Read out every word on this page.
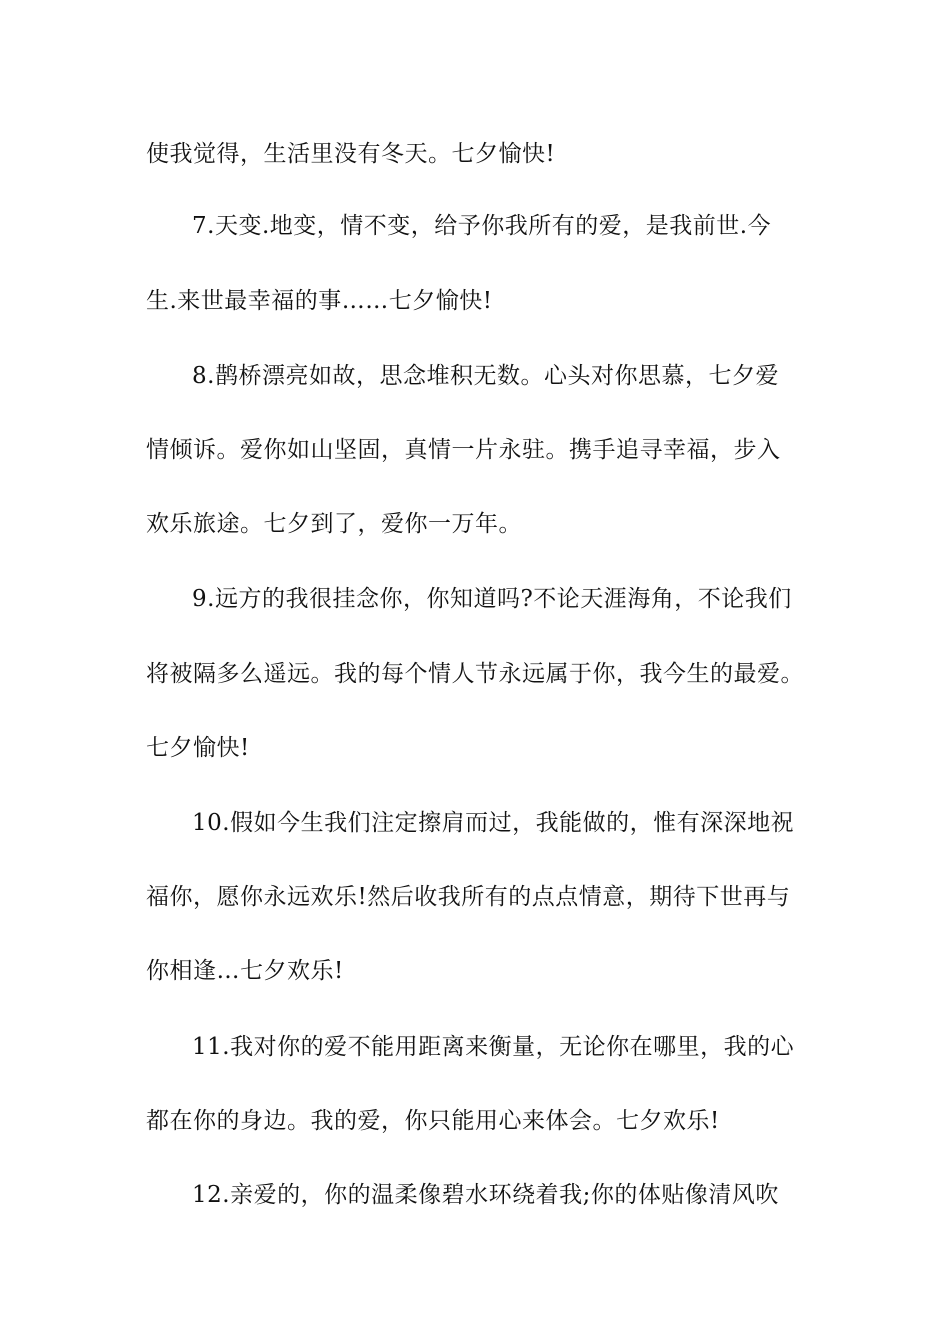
使我觉得，生活里没有冬天。七夕愉快!
7.天变.地变，情不变，给予你我所有的爱，是我前世.今
生.来世最幸福的事……七夕愉快!
8.鹊桥漂亮如故，思念堆积无数。心头对你思慕，七夕爱
情倾诉。爱你如山坚固，真情一片永驻。携手追寻幸福，步入
欢乐旅途。七夕到了，爱你一万年。
9.远方的我很挂念你，你知道吗?不论天涯海角，不论我们
将被隔多么遥远。我的每个情人节永远属于你，我今生的最爱。
七夕愉快!
10.假如今生我们注定擦肩而过，我能做的，惟有深深地祝
福你，愿你永远欢乐!然后收我所有的点点情意，期待下世再与
你相逢…七夕欢乐!
11.我对你的爱不能用距离来衡量，无论你在哪里，我的心
都在你的身边。我的爱，你只能用心来体会。七夕欢乐!
12.亲爱的，你的温柔像碧水环绕着我;你的体贴像清风吹
